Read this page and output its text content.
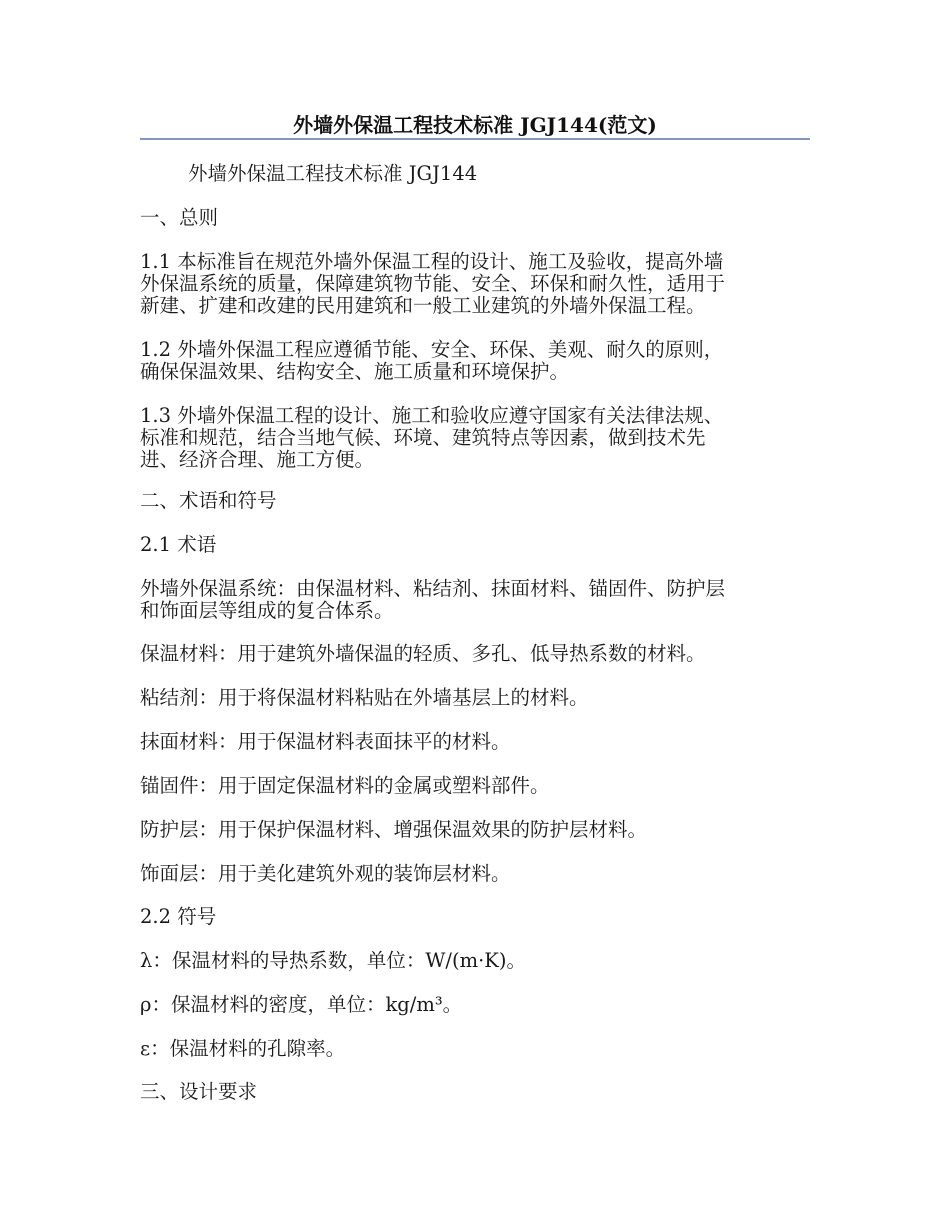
外墙外保温工程技术标准 JGJ144(范文)

外墙外保温工程技术标准 JGJ144

一、总则

1.1 本标准旨在规范外墙外保温工程的设计、施工及验收，提高外墙
外保温系统的质量，保障建筑物节能、安全、环保和耐久性，适用于
新建、扩建和改建的民用建筑和一般工业建筑的外墙外保温工程。

1.2 外墙外保温工程应遵循节能、安全、环保、美观、耐久的原则，
确保保温效果、结构安全、施工质量和环境保护。

1.3 外墙外保温工程的设计、施工和验收应遵守国家有关法律法规、
标准和规范，结合当地气候、环境、建筑特点等因素，做到技术先
进、经济合理、施工方便。

二、术语和符号

2.1 术语

外墙外保温系统：由保温材料、粘结剂、抹面材料、锚固件、防护层
和饰面层等组成的复合体系。

保温材料：用于建筑外墙保温的轻质、多孔、低导热系数的材料。

粘结剂：用于将保温材料粘贴在外墙基层上的材料。

抹面材料：用于保温材料表面抹平的材料。

锚固件：用于固定保温材料的金属或塑料部件。

防护层：用于保护保温材料、增强保温效果的防护层材料。

饰面层：用于美化建筑外观的装饰层材料。

2.2 符号

λ：保温材料的导热系数，单位：W/(m·K)。

ρ：保温材料的密度，单位：kg/m³。

ε：保温材料的孔隙率。

三、设计要求
